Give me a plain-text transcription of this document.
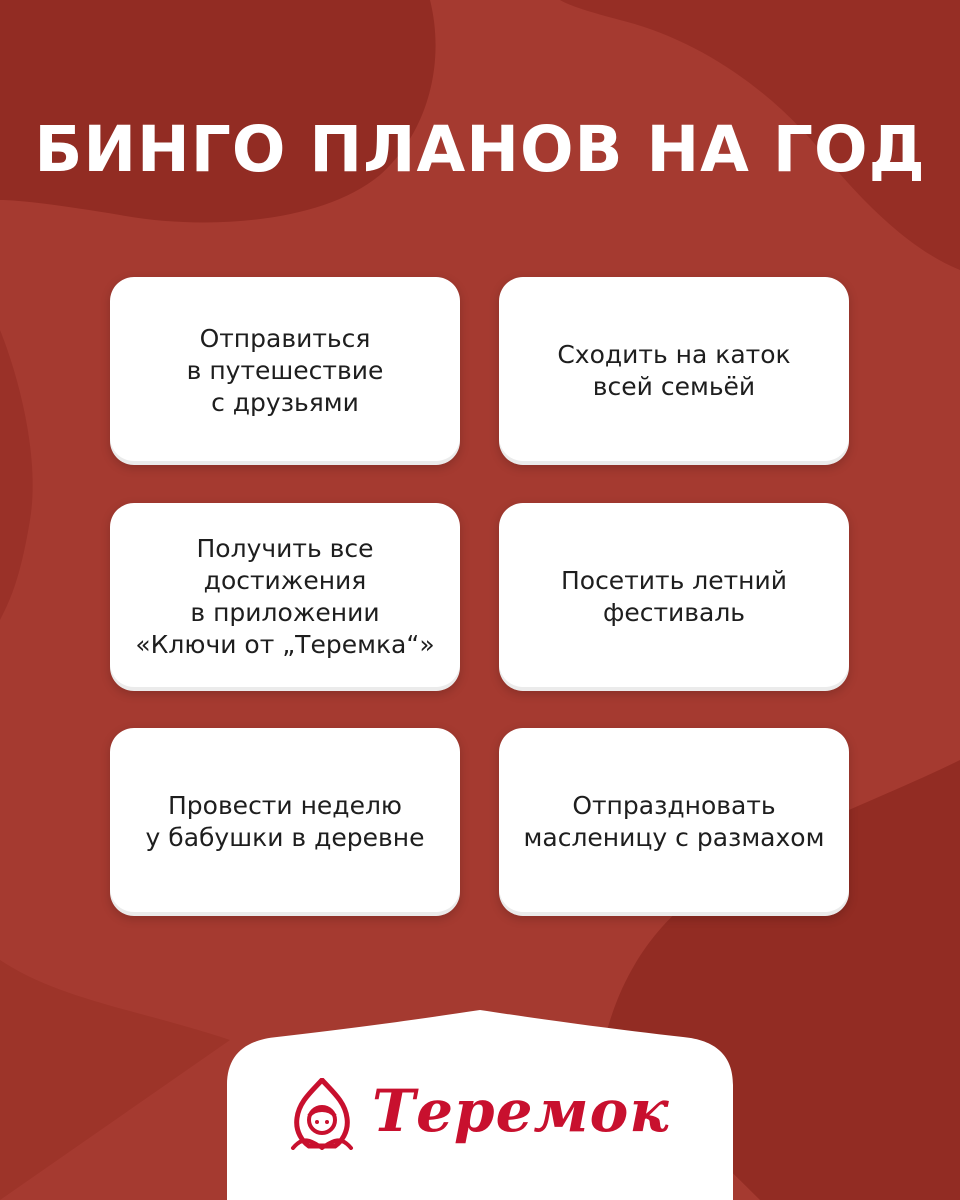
БИНГО ПЛАНОВ НА ГОД
Отправиться
в путешествие
с друзьями
Сходить на каток
всей семьёй
Получить все
достижения
в приложении
«Ключи от „Теремка“»
Посетить летний
фестиваль
Провести неделю
у бабушки в деревне
Отпраздновать
масленицу с размахом
Теремок
